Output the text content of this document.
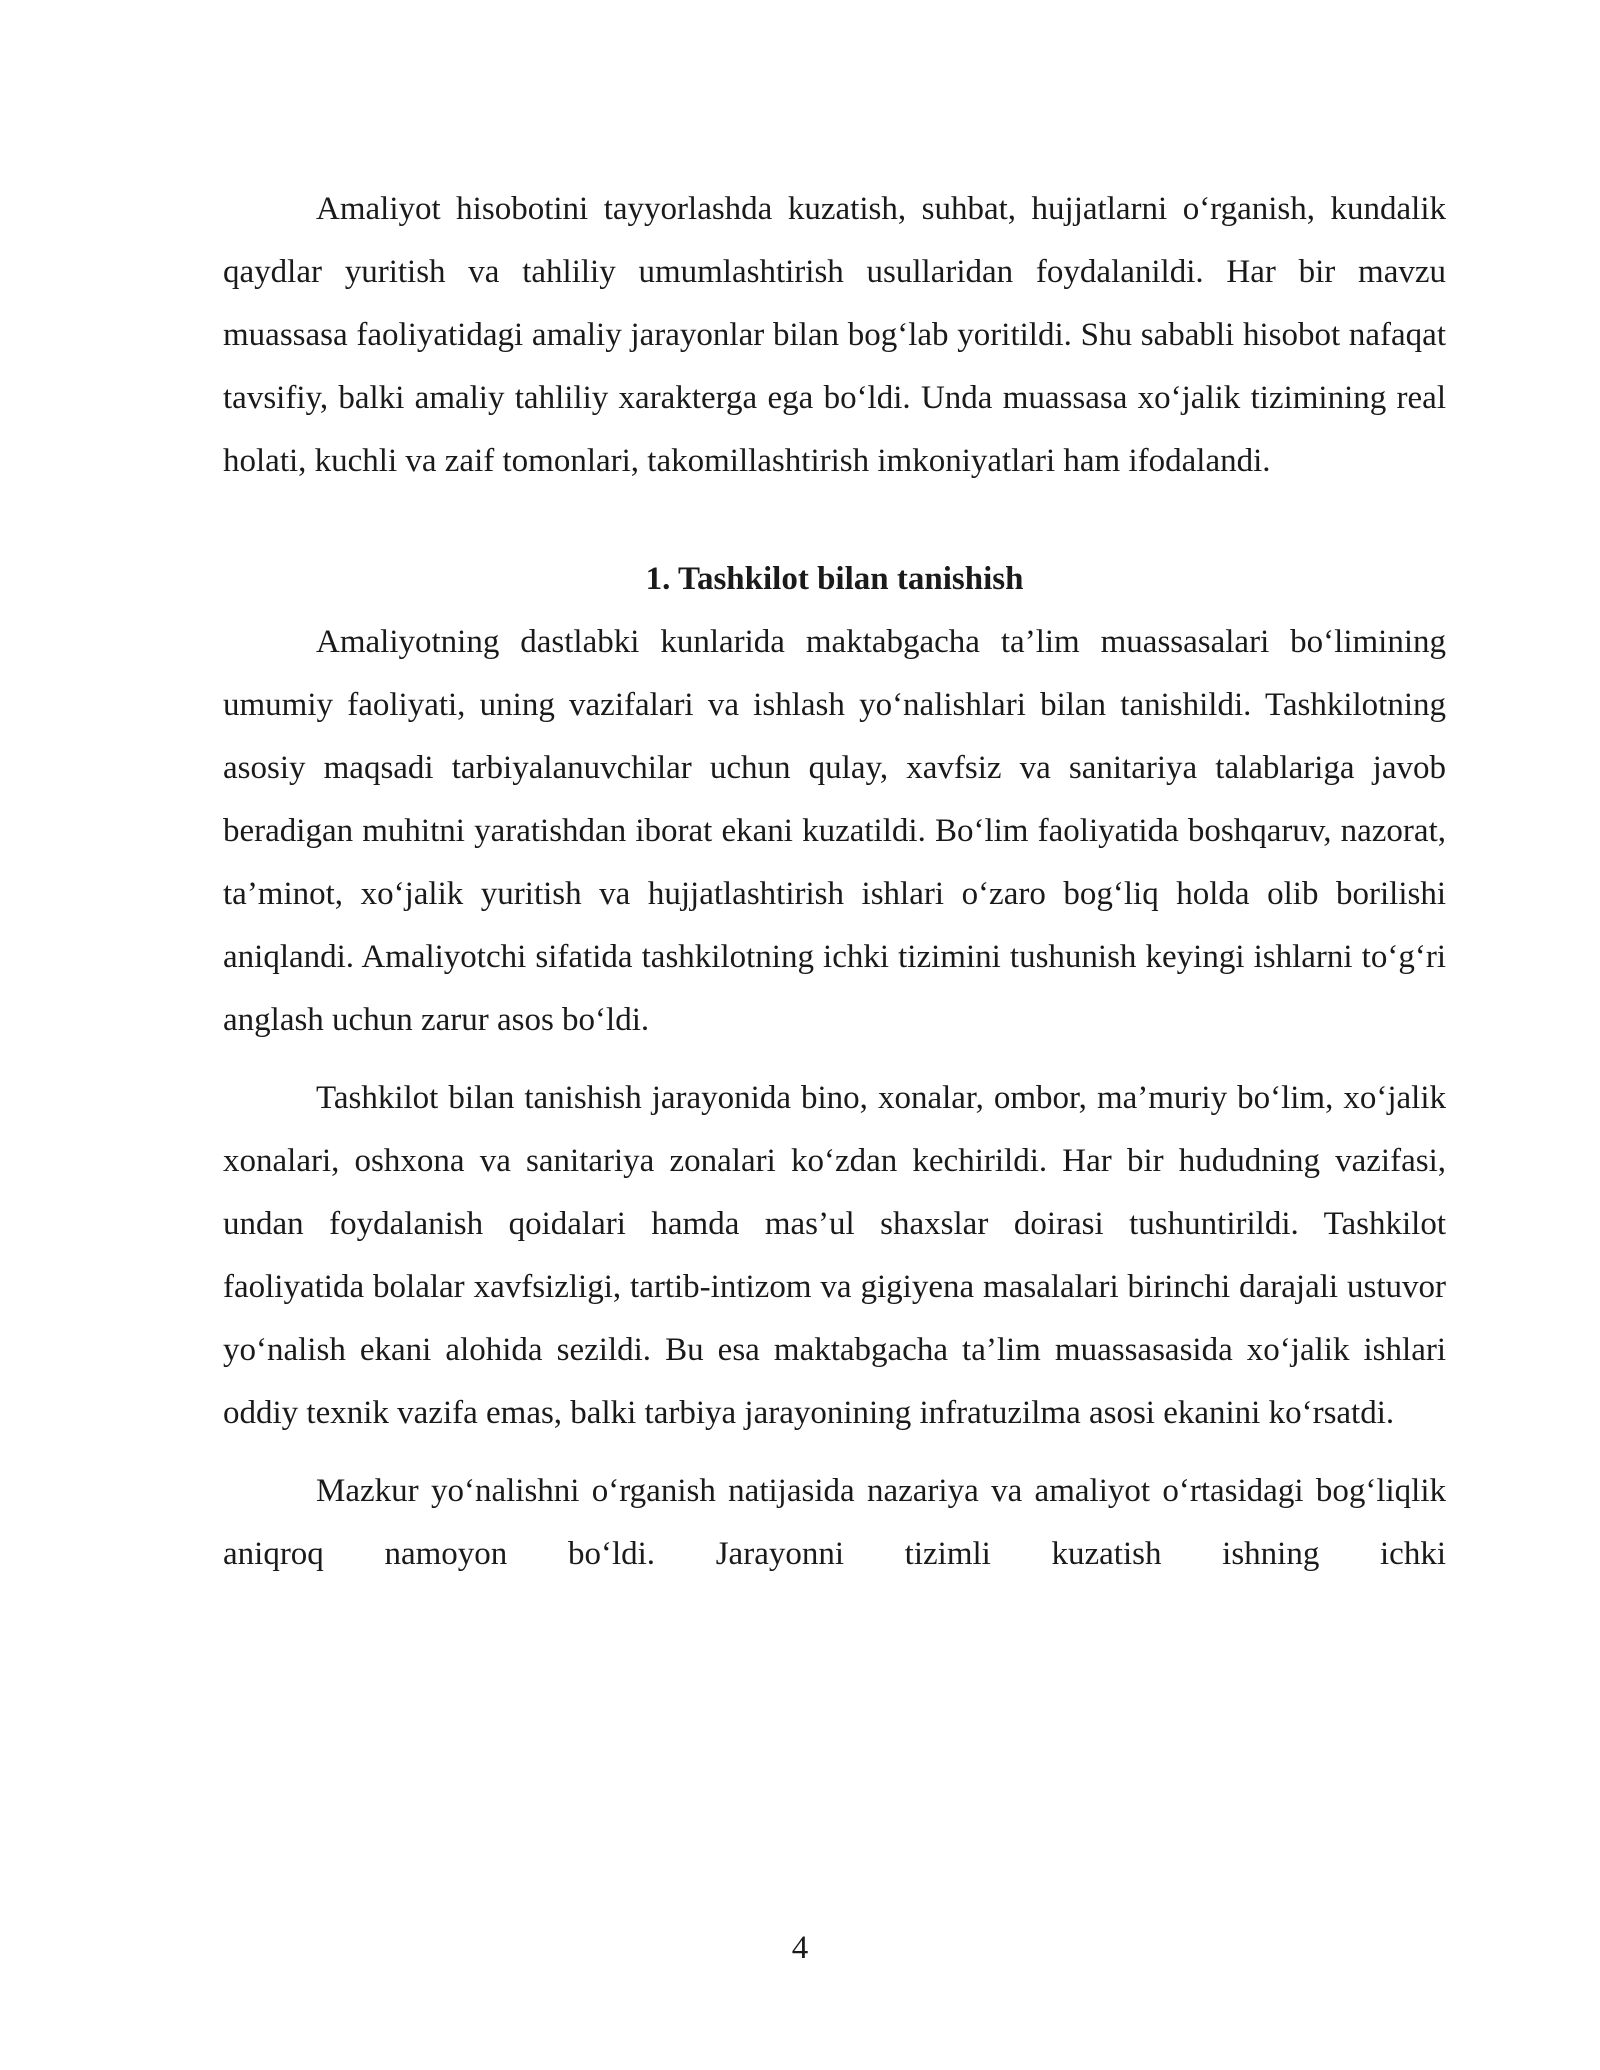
Amaliyot hisobotini tayyorlashda kuzatish, suhbat, hujjatlarni o‘rganish, kundalik qaydlar yuritish va tahliliy umumlashtirish usullaridan foydalanildi. Har bir mavzu muassasa faoliyatidagi amaliy jarayonlar bilan bog‘lab yoritildi. Shu sababli hisobot nafaqat tavsifiy, balki amaliy tahliliy xarakterga ega bo‘ldi. Unda muassasa xo‘jalik tizimining real holati, kuchli va zaif tomonlari, takomillashtirish imkoniyatlari ham ifodalandi.

1. Tashkilot bilan tanishish

Amaliyotning dastlabki kunlarida maktabgacha ta’lim muassasalari bo‘limining umumiy faoliyati, uning vazifalari va ishlash yo‘nalishlari bilan tanishildi. Tashkilotning asosiy maqsadi tarbiyalanuvchilar uchun qulay, xavfsiz va sanitariya talablariga javob beradigan muhitni yaratishdan iborat ekani kuzatildi. Bo‘lim faoliyatida boshqaruv, nazorat, ta’minot, xo‘jalik yuritish va hujjatlashtirish ishlari o‘zaro bog‘liq holda olib borilishi aniqlandi. Amaliyotchi sifatida tashkilotning ichki tizimini tushunish keyingi ishlarni to‘g‘ri anglash uchun zarur asos bo‘ldi.

Tashkilot bilan tanishish jarayonida bino, xonalar, ombor, ma’muriy bo‘lim, xo‘jalik xonalari, oshxona va sanitariya zonalari ko‘zdan kechirildi. Har bir hududning vazifasi, undan foydalanish qoidalari hamda mas’ul shaxslar doirasi tushuntirildi. Tashkilot faoliyatida bolalar xavfsizligi, tartib-intizom va gigiyena masalalari birinchi darajali ustuvor yo‘nalish ekani alohida sezildi. Bu esa maktabgacha ta’lim muassasasida xo‘jalik ishlari oddiy texnik vazifa emas, balki tarbiya jarayonining infratuzilma asosi ekanini ko‘rsatdi.

Mazkur yo‘nalishni o‘rganish natijasida nazariya va amaliyot o‘rtasidagi bog‘liqlik aniqroq namoyon bo‘ldi. Jarayonni tizimli kuzatish ishning ichki

4
